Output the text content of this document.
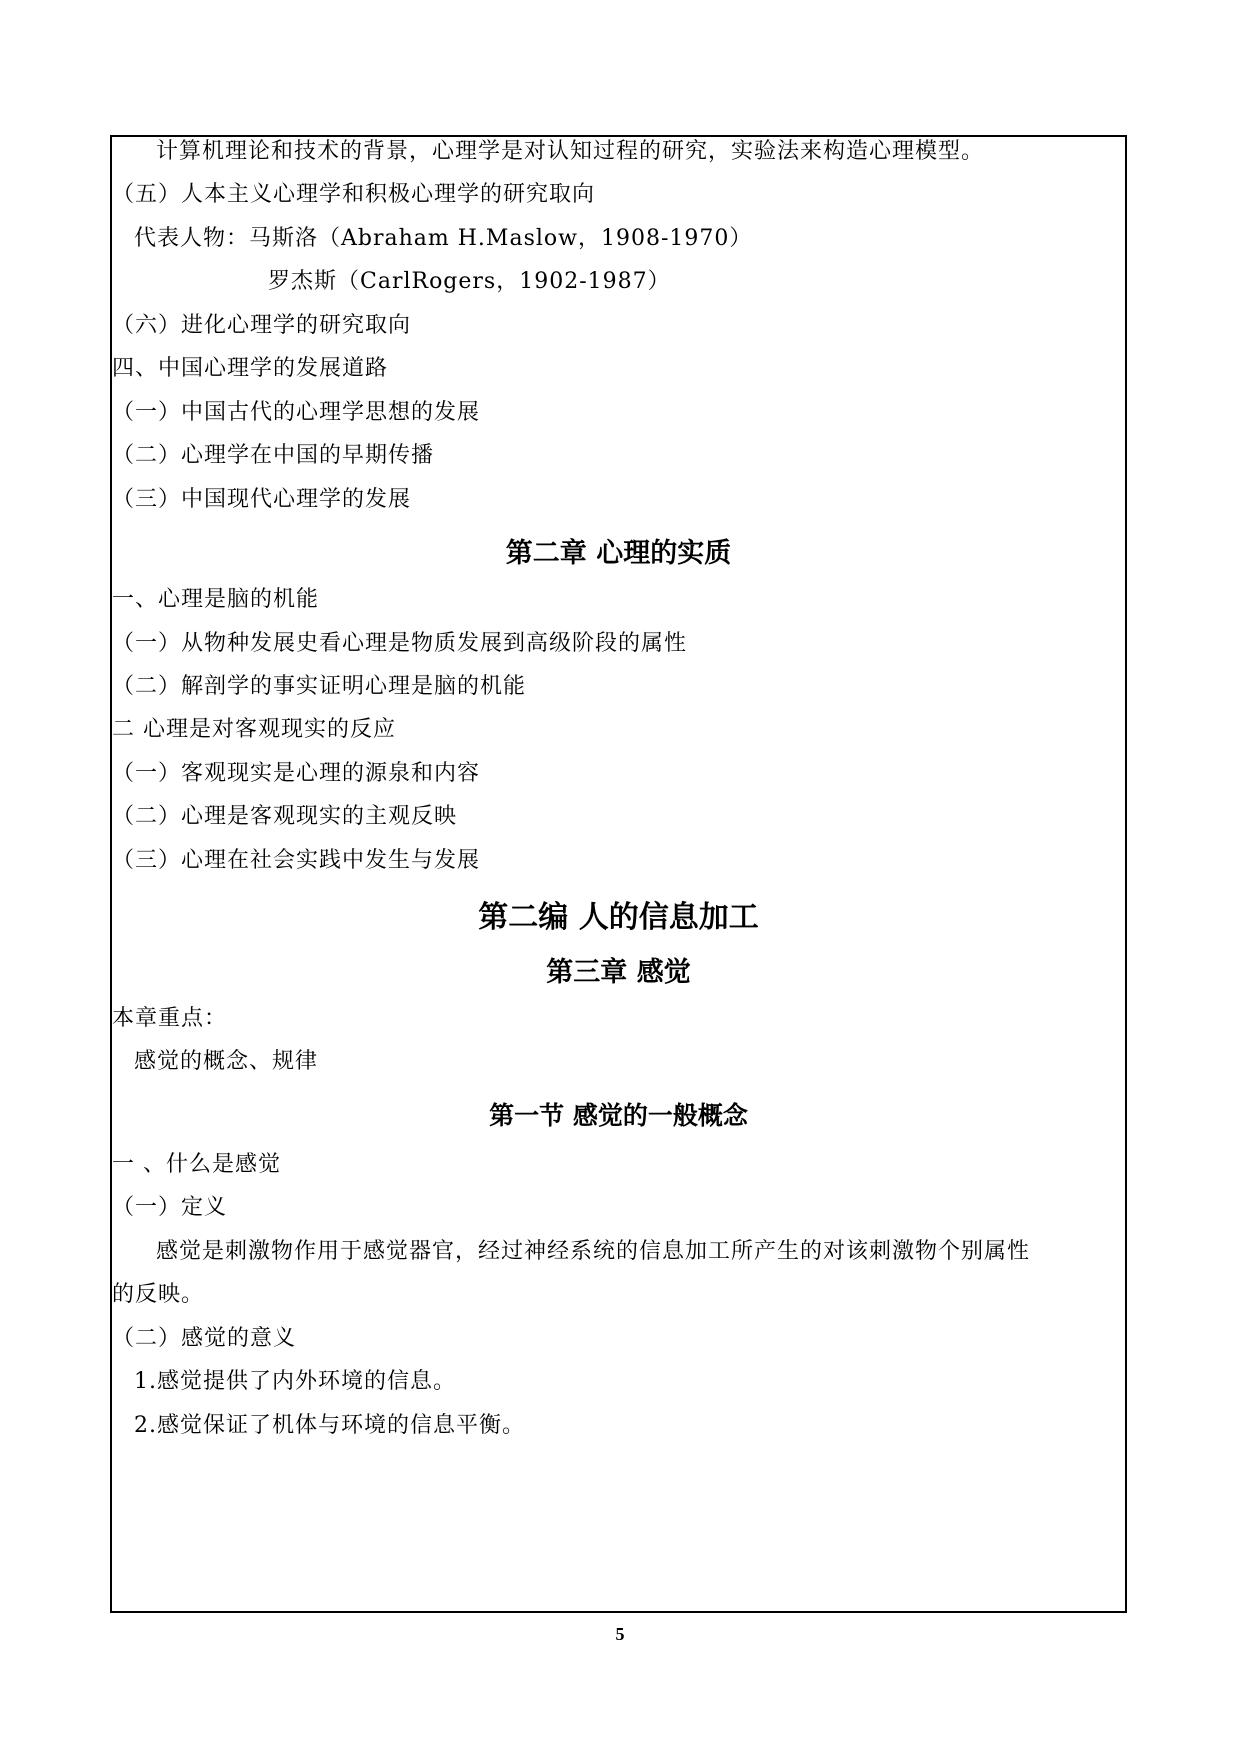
计算机理论和技术的背景，心理学是对认知过程的研究，实验法来构造心理模型。
（五）人本主义心理学和积极心理学的研究取向
代表人物：马斯洛（Abraham H.Maslow，1908-1970）
罗杰斯（CarlRogers，1902-1987）
（六）进化心理学的研究取向
四、中国心理学的发展道路
（一）中国古代的心理学思想的发展
（二）心理学在中国的早期传播
（三）中国现代心理学的发展
第二章 心理的实质
一、心理是脑的机能
（一）从物种发展史看心理是物质发展到高级阶段的属性
（二）解剖学的事实证明心理是脑的机能
二 心理是对客观现实的反应
（一）客观现实是心理的源泉和内容
（二）心理是客观现实的主观反映
（三）心理在社会实践中发生与发展
第二编 人的信息加工
第三章 感觉
本章重点：
感觉的概念、规律
第一节 感觉的一般概念
一 、什么是感觉
（一）定义
感觉是刺激物作用于感觉器官，经过神经系统的信息加工所产生的对该刺激物个别属性
的反映。
（二）感觉的意义
1.感觉提供了内外环境的信息。
2.感觉保证了机体与环境的信息平衡。
5
